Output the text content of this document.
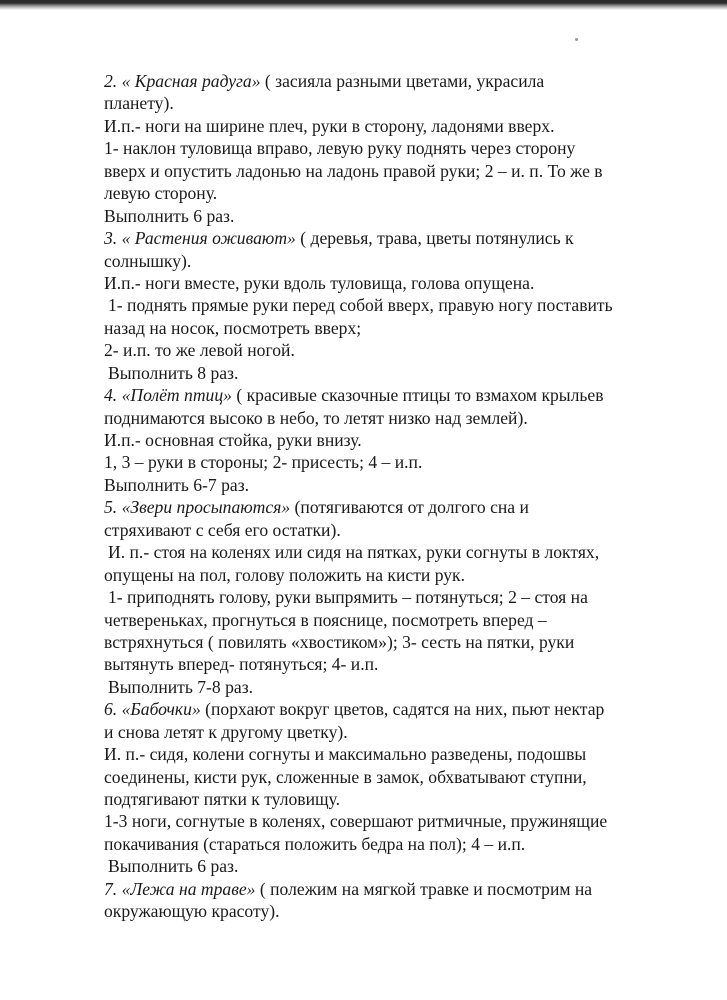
2. « Красная радуга» ( засияла разными цветами, украсила
планету).
И.п.- ноги на ширине плеч, руки в сторону, ладонями вверх.
1- наклон туловища вправо, левую руку поднять через сторону
вверх и опустить ладонью на ладонь правой руки; 2 – и. п. То же в
левую сторону.
Выполнить 6 раз.
3. « Растения оживают» ( деревья, трава, цветы потянулись к
солнышку).
И.п.- ноги вместе, руки вдоль туловища, голова опущена.
1- поднять прямые руки перед собой вверх, правую ногу поставить
назад на носок, посмотреть вверх;
2- и.п. то же левой ногой.
Выполнить 8 раз.
4. «Полёт птиц» ( красивые сказочные птицы то взмахом крыльев
поднимаются высоко в небо, то летят низко над землей).
И.п.- основная стойка, руки внизу.
1, 3 – руки в стороны; 2- присесть; 4 – и.п.
Выполнить 6-7 раз.
5. «Звери просыпаются» (потягиваются от долгого сна и
стряхивают с себя его остатки).
И. п.- стоя на коленях или сидя на пятках, руки согнуты в локтях,
опущены на пол, голову положить на кисти рук.
1- приподнять голову, руки выпрямить – потянуться; 2 – стоя на
четвереньках, прогнуться в пояснице, посмотреть вперед –
встряхнуться ( повилять «хвостиком»); 3- сесть на пятки, руки
вытянуть вперед- потянуться; 4- и.п.
Выполнить 7-8 раз.
6. «Бабочки» (порхают вокруг цветов, садятся на них, пьют нектар
и снова летят к другому цветку).
И. п.- сидя, колени согнуты и максимально разведены, подошвы
соединены, кисти рук, сложенные в замок, обхватывают ступни,
подтягивают пятки к туловищу.
1-3 ноги, согнутые в коленях, совершают ритмичные, пружинящие
покачивания (стараться положить бедра на пол); 4 – и.п.
Выполнить 6 раз.
7. «Лежа на траве» ( полежим на мягкой травке и посмотрим на
окружающую красоту).
